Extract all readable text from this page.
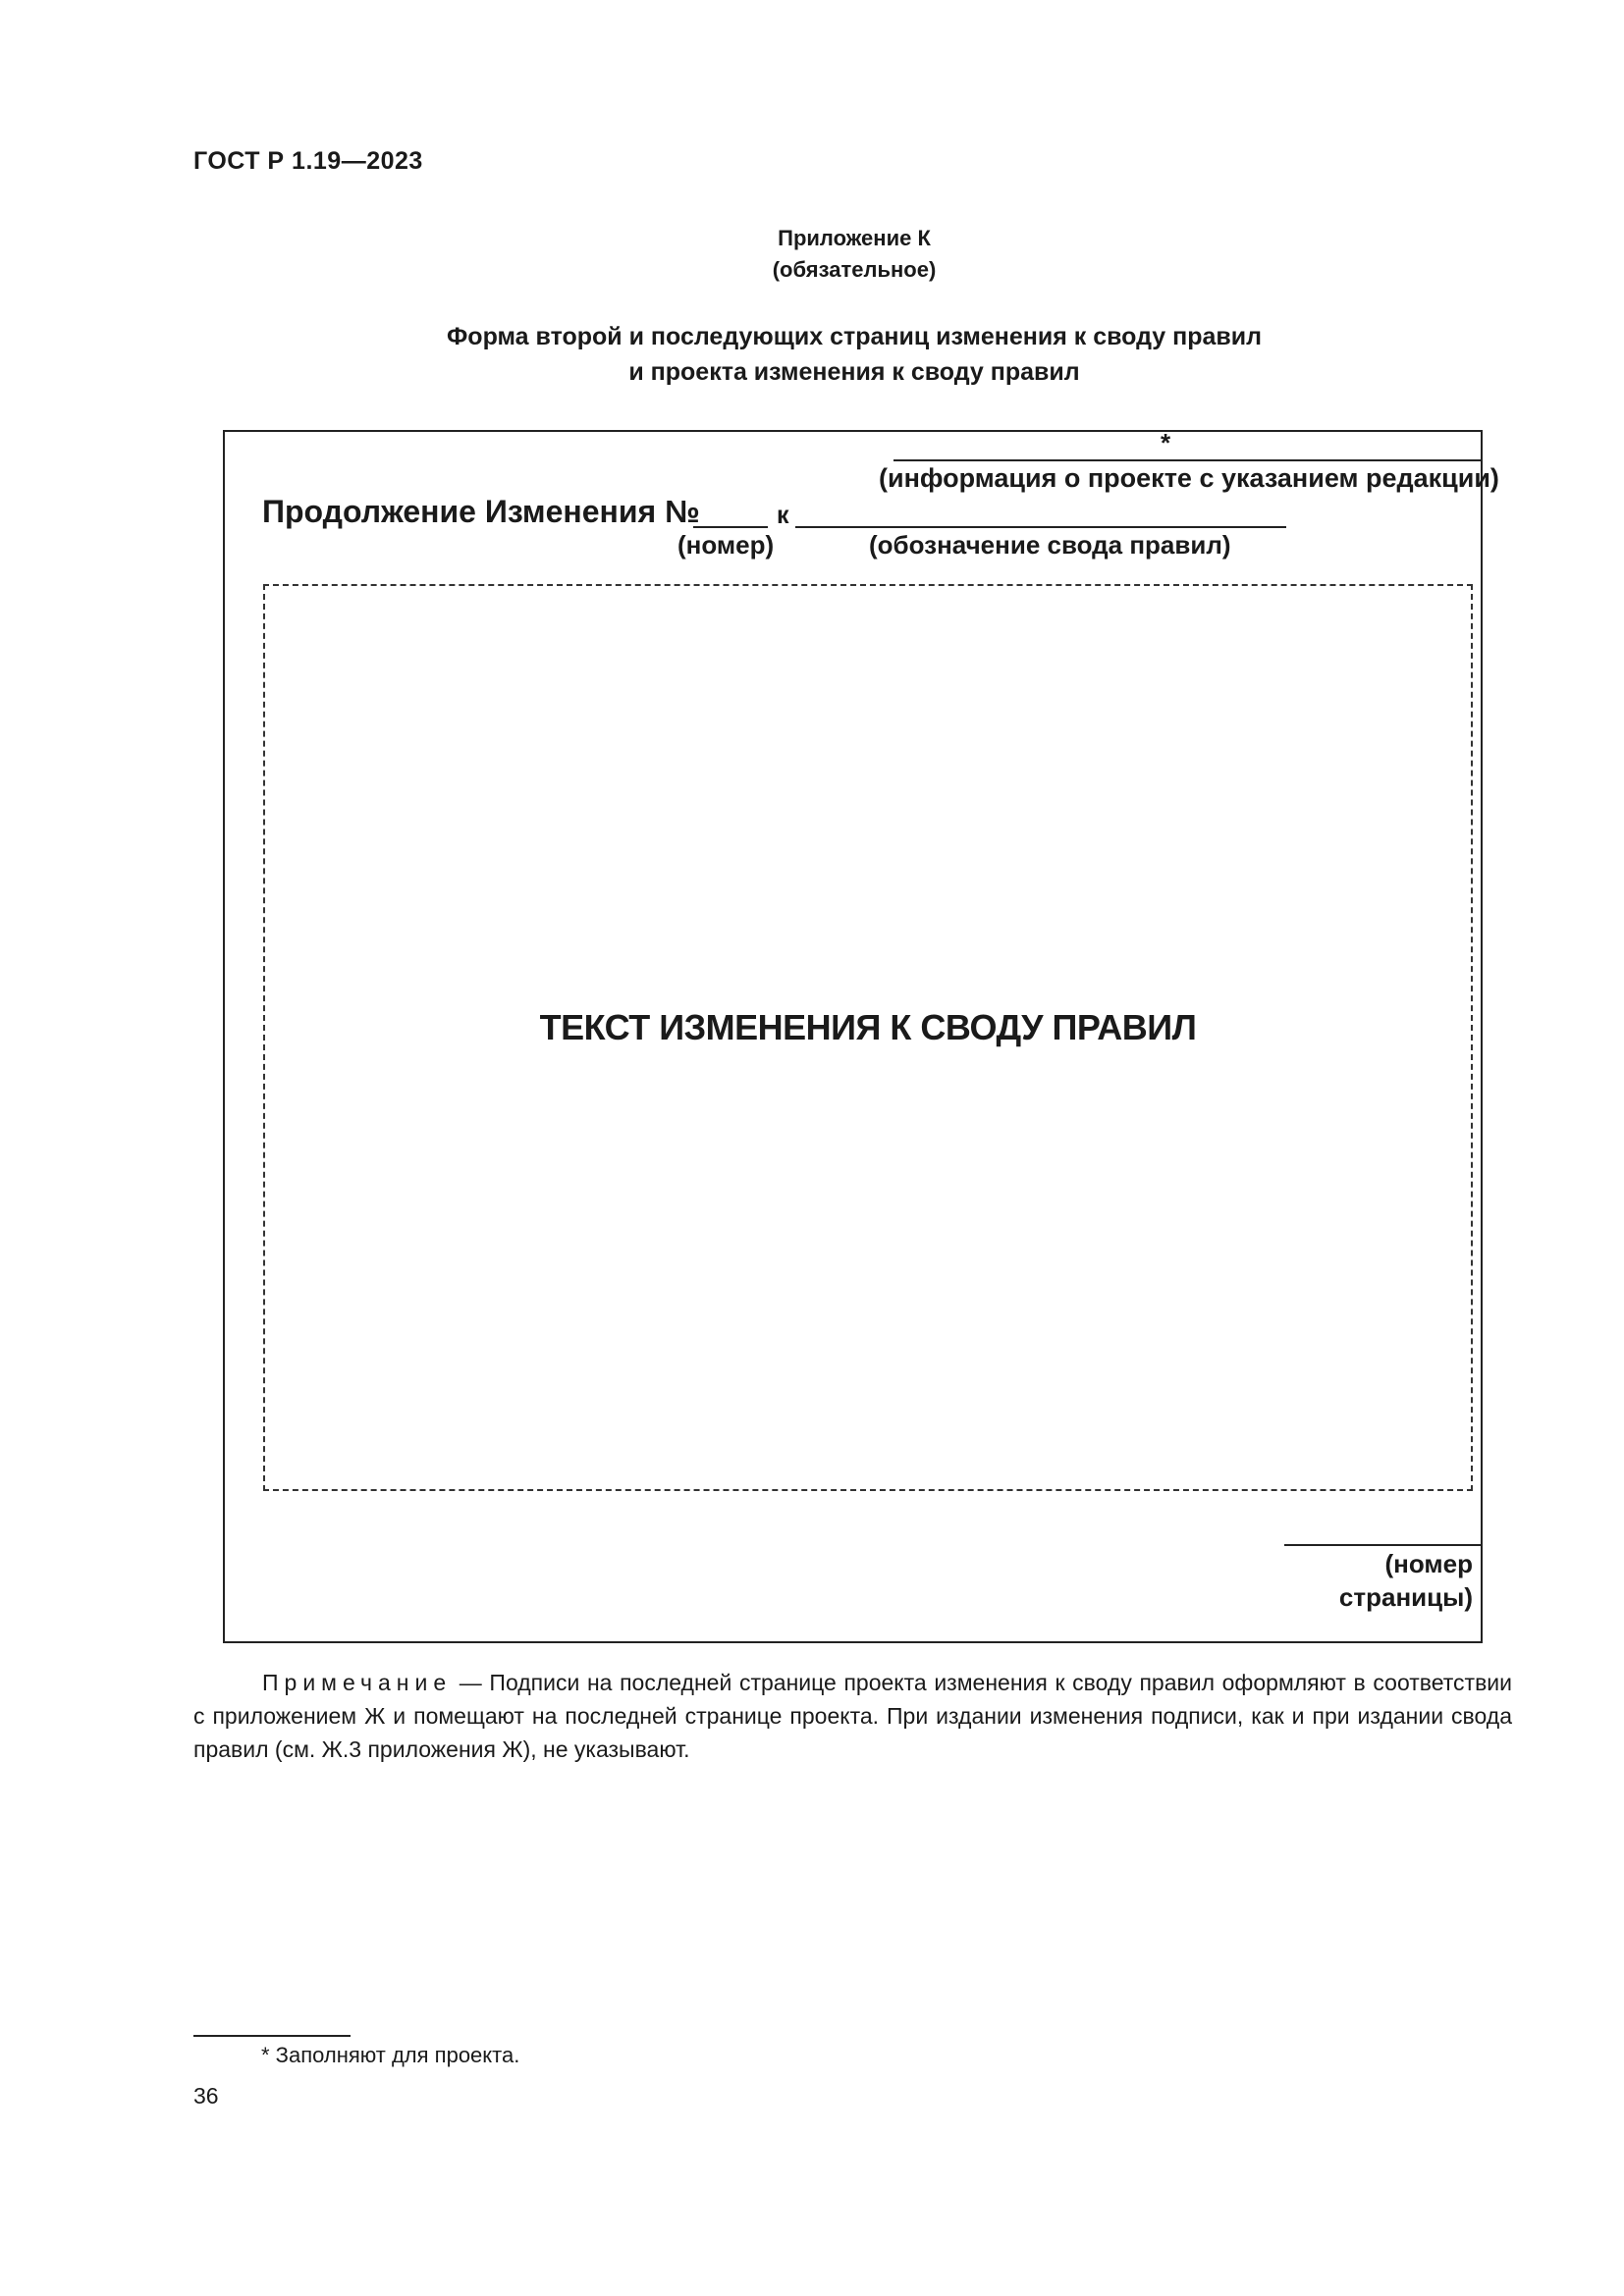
ГОСТ Р 1.19—2023
Приложение К
(обязательное)
Форма второй и последующих страниц изменения к своду правил
и проекта изменения к своду правил
*
(информация о проекте с указанием редакции)
Продолжение Изменения №	к
(номер)	(обозначение свода правил)
ТЕКСТ ИЗМЕНЕНИЯ К СВОДУ ПРАВИЛ
(номер
страницы)
Примечание — Подписи на последней странице проекта изменения к своду правил оформляют в соответствии с приложением Ж и помещают на последней странице проекта. При издании изменения подписи, как и при издании свода правил (см. Ж.3 приложения Ж), не указывают.
* Заполняют для проекта.
36
